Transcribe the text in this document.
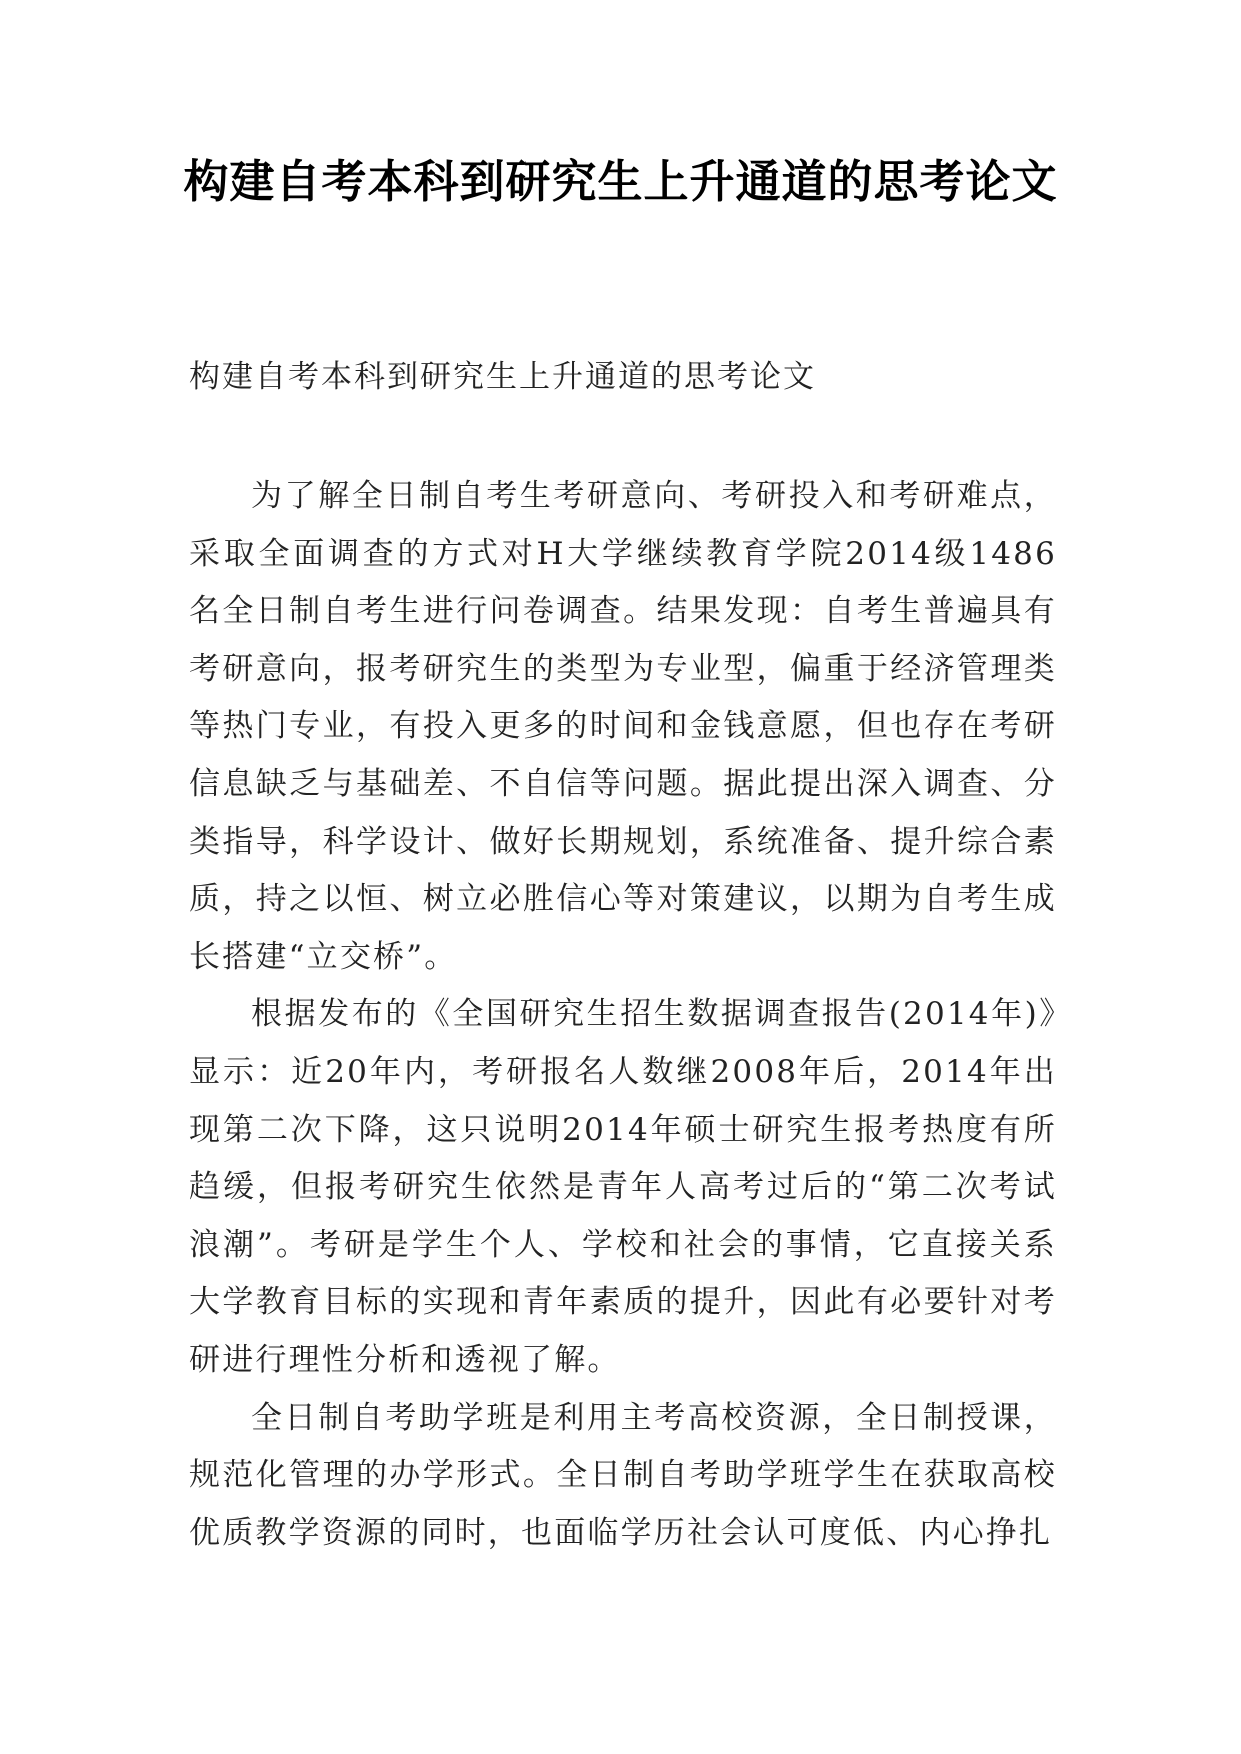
构建自考本科到研究生上升通道的思考论文
构建自考本科到研究生上升通道的思考论文

为了解全日制自考生考研意向、考研投入和考研难点，采取全面调查的方式对H大学继续教育学院2014级1486名全日制自考生进行问卷调查。结果发现：自考生普遍具有考研意向，报考研究生的类型为专业型，偏重于经济管理类等热门专业，有投入更多的时间和金钱意愿，但也存在考研信息缺乏与基础差、不自信等问题。据此提出深入调查、分类指导，科学设计、做好长期规划，系统准备、提升综合素质，持之以恒、树立必胜信心等对策建议，以期为自考生成长搭建“立交桥”。

根据发布的《全国研究生招生数据调查报告(2014年)》显示：近20年内，考研报名人数继2008年后，2014年出现第二次下降，这只说明2014年硕士研究生报考热度有所趋缓，但报考研究生依然是青年人高考过后的“第二次考试浪潮”。考研是学生个人、学校和社会的事情，它直接关系大学教育目标的实现和青年素质的提升，因此有必要针对考研进行理性分析和透视了解。

全日制自考助学班是利用主考高校资源，全日制授课，规范化管理的办学形式。全日制自考助学班学生在获取高校优质教学资源的同时，也面临学历社会认可度低、内心挣扎
